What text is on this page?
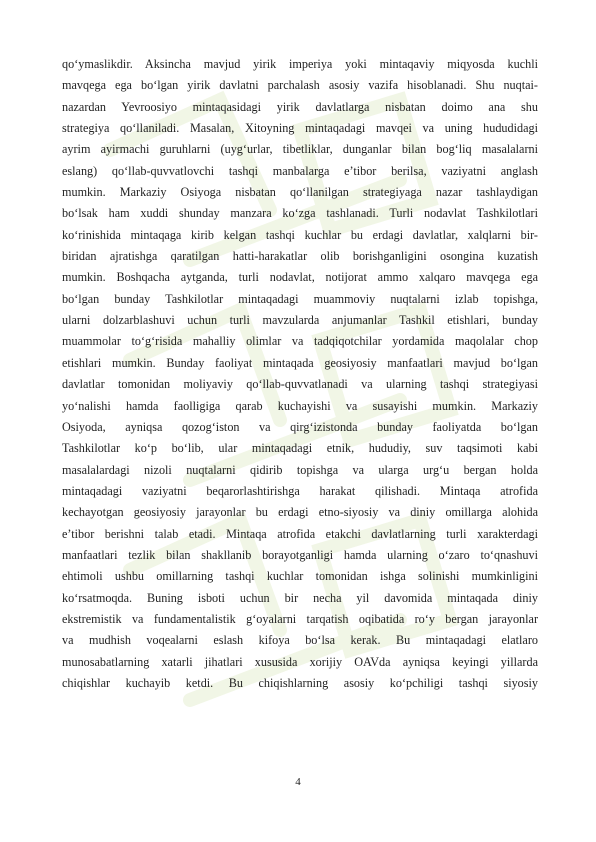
qo‘ymaslikdir. Aksincha mavjud yirik imperiya yoki mintaqaviy miqyosda kuchli
mavqega ega bo‘lgan yirik davlatni parchalash asosiy vazifa hisoblanadi. Shu nuqtai-
nazardan Yevroosiyo mintaqasidagi yirik davlatlarga nisbatan doimo ana shu
strategiya qo‘llaniladi. Masalan, Xitoyning mintaqadagi mavqei va uning hududidagi
ayrim ayirmachi guruhlarni (uyg‘urlar, tibetliklar, dunganlar bilan bog‘liq masalalarni
eslang) qo‘llab-quvvatlovchi tashqi manbalarga e’tibor berilsa, vaziyatni anglash
mumkin. Markaziy Osiyoga nisbatan qo‘llanilgan strategiyaga nazar tashlaydigan
bo‘lsak ham xuddi shunday manzara ko‘zga tashlanadi. Turli nodavlat Tashkilotlari
ko‘rinishida mintaqaga kirib kelgan tashqi kuchlar bu erdagi davlatlar, xalqlarni bir-
biridan ajratishga qaratilgan hatti-harakatlar olib borishganligini osongina kuzatish
mumkin. Boshqacha aytganda, turli nodavlat, notijorat ammo xalqaro mavqega ega
bo‘lgan bunday Tashkilotlar mintaqadagi muammoviy nuqtalarni izlab topishga,
ularni dolzarblashuvi uchun turli mavzularda anjumanlar Tashkil etishlari, bunday
muammolar to‘g‘risida mahalliy olimlar va tadqiqotchilar yordamida maqolalar chop
etishlari mumkin. Bunday faoliyat mintaqada geosiyosiy manfaatlari mavjud bo‘lgan
davlatlar tomonidan moliyaviy qo‘llab-quvvatlanadi va ularning tashqi strategiyasi
yo‘nalishi hamda faolligiga qarab kuchayishi va susayishi mumkin. Markaziy
Osiyoda, ayniqsa qozog‘iston va qirg‘izistonda bunday faoliyatda bo‘lgan
Tashkilotlar ko‘p bo‘lib, ular mintaqadagi etnik, hududiy, suv taqsimoti kabi
masalalardagi nizoli nuqtalarni qidirib topishga va ularga urg‘u bergan holda
mintaqadagi vaziyatni beqarorlashtirishga harakat qilishadi. Mintaqa atrofida
kechayotgan geosiyosiy jarayonlar bu erdagi etno-siyosiy va diniy omillarga alohida
e’tibor berishni talab etadi. Mintaqa atrofida etakchi davlatlarning turli xarakterdagi
manfaatlari tezlik bilan shakllanib borayotganligi hamda ularning o‘zaro to‘qnashuvi
ehtimoli ushbu omillarning tashqi kuchlar tomonidan ishga solinishi mumkinligini
ko‘rsatmoqda. Buning isboti uchun bir necha yil davomida mintaqada diniy
ekstremistik va fundamentalistik g‘oyalarni tarqatish oqibatida ro‘y bergan jarayonlar
va mudhish voqealarni eslash kifoya bo‘lsa kerak. Bu mintaqadagi elatlaro
munosabatlarning xatarli jihatlari xususida xorijiy OAVda ayniqsa keyingi yillarda
chiqishlar kuchayib ketdi. Bu chiqishlarning asosiy ko‘pchiligi tashqi siyosiy
4
